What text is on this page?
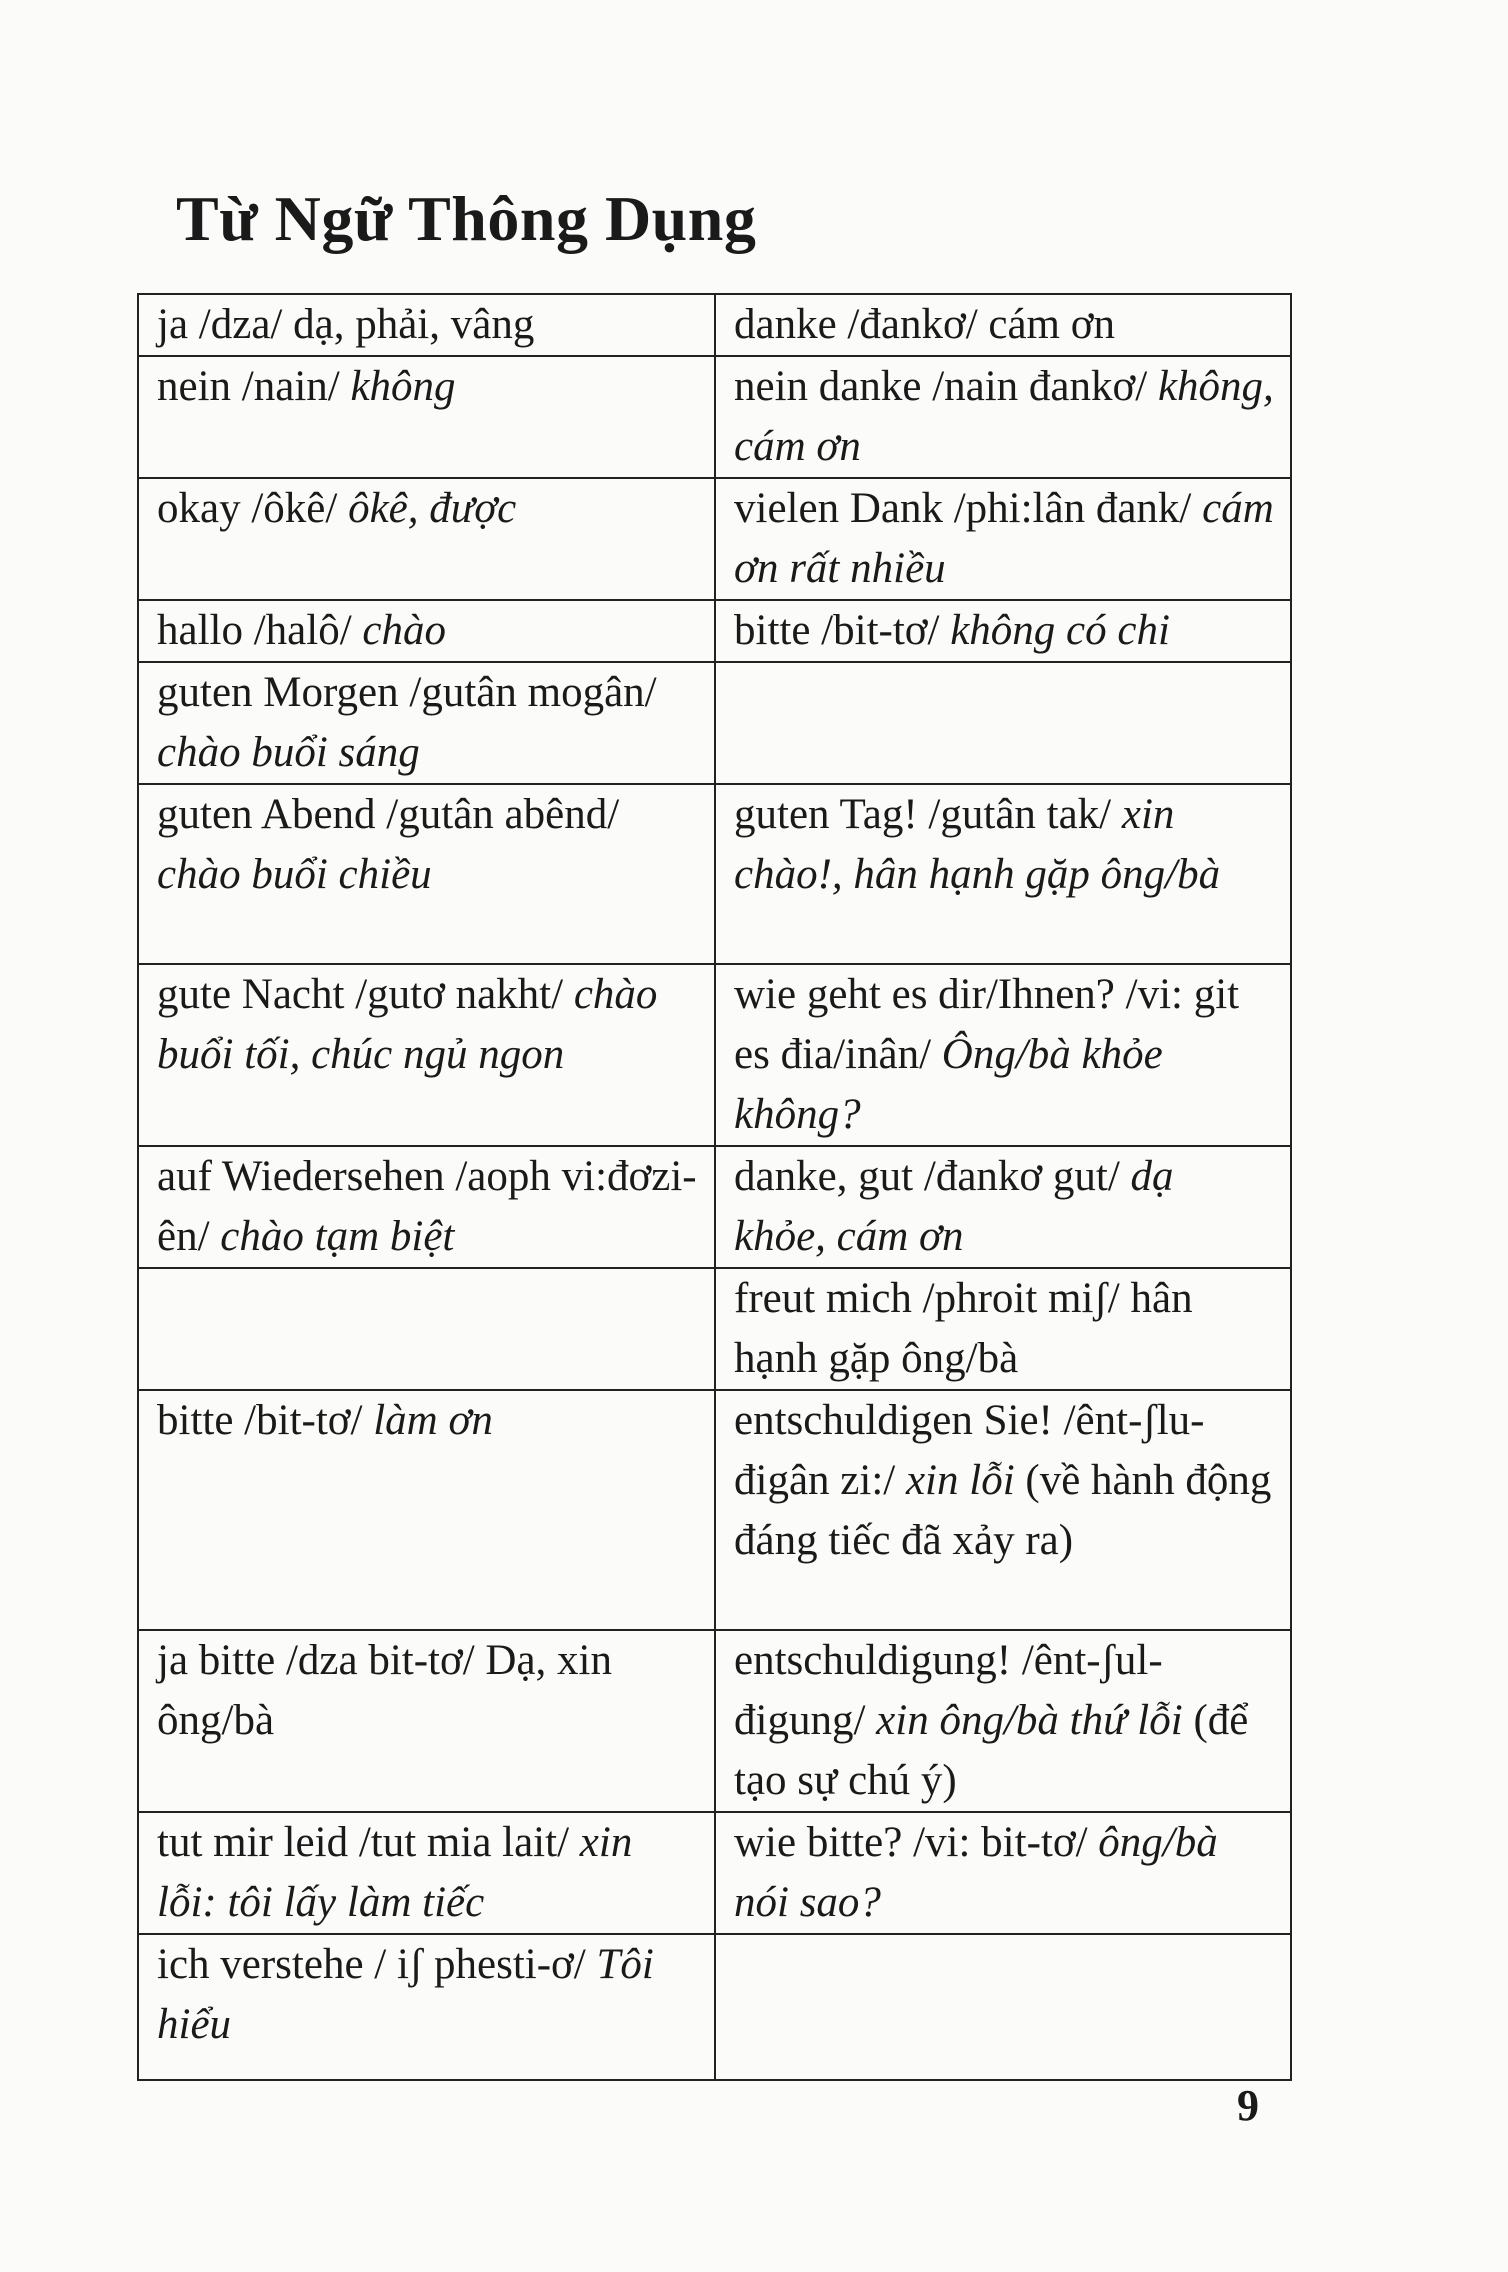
Từ Ngữ Thông Dụng
ja /dza/ dạ, phải, vâng	danke /đankơ/ cám ơn
nein /nain/ không	nein danke /nain đankơ/ không, cám ơn
okay /ôkê/ ôkê, được	vielen Dank /phi:lân đank/ cám ơn rất nhiều
hallo /halô/ chào	bitte /bit-tơ/ không có chi
guten Morgen /gutân mogân/ chào buổi sáng	
guten Abend /gutân abênd/ chào buổi chiều	guten Tag! /gutân tak/ xin chào!, hân hạnh gặp ông/bà
gute Nacht /gutơ nakht/ chào buổi tối, chúc ngủ ngon	wie geht es dir/Ihnen? /vi: git es đia/inân/ Ông/bà khỏe không?
auf Wiedersehen /aoph vi:đơzi-ên/ chào tạm biệt	danke, gut /đankơ gut/ dạ khỏe, cám ơn
	freut mich /phroit miʃ/ hân hạnh gặp ông/bà
bitte /bit-tơ/ làm ơn	entschuldigen Sie! /ênt-ʃlu-đigân zi:/ xin lỗi (về hành động đáng tiếc đã xảy ra)
ja bitte /dza bit-tơ/ Dạ, xin ông/bà	entschuldigung! /ênt-ʃul-đigung/ xin ông/bà thứ lỗi (để tạo sự chú ý)
tut mir leid /tut mia lait/ xin lỗi: tôi lấy làm tiếc	wie bitte? /vi: bit-tơ/ ông/bà nói sao?
ich verstehe / iʃ phesti-ơ/ Tôi hiểu	
9
